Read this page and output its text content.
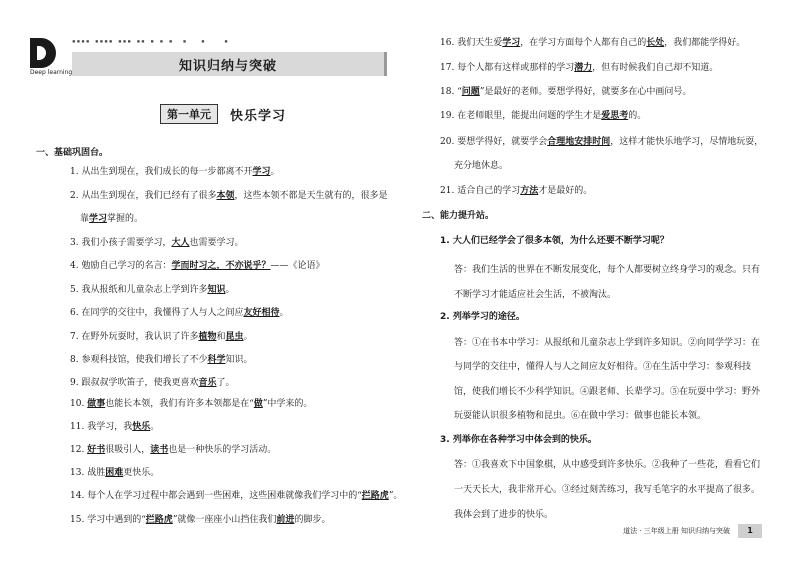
Deep learning
▪▪▪▪ ▪▪▪▪ ▪▪▪ ▪▪ ▪ ▪ ▪  ▪   ▪    ▪
知识归纳与突破
第一单元	快乐学习
一、基础巩固台。
1. 从出生到现在，我们成长的每一步都离不开学习。
2. 从出生到现在，我们已经有了很多本领，这些本领不都是天生就有的，很多是
靠学习掌握的。
3. 我们小孩子需要学习，大人也需要学习。
4. 勉励自己学习的名言：学而时习之，不亦说乎？——《论语》
5. 我从报纸和儿童杂志上学到许多知识。
6. 在同学的交往中，我懂得了人与人之间应友好相待。
7. 在野外玩耍时，我认识了许多植物和昆虫。
8. 参观科技馆，使我们增长了不少科学知识。
9. 跟叔叔学吹笛子，使我更喜欢音乐了。
10. 做事也能长本领，我们有许多本领都是在“做”中学来的。
11. 我学习，我快乐。
12. 好书很吸引人，读书也是一种快乐的学习活动。
13. 战胜困难更快乐。
14. 每个人在学习过程中都会遇到一些困难，这些困难就像我们学习中的“拦路虎”。
15. 学习中遇到的“拦路虎”就像一座座小山挡住我们前进的脚步。
16. 我们天生爱学习，在学习方面每个人都有自己的长处，我们都能学得好。
17. 每个人都有这样或那样的学习潜力，但有时候我们自己却不知道。
18. “问题”是最好的老师。要想学得好，就要多在心中画问号。
19. 在老师眼里，能提出问题的学生才是爱思考的。
20. 要想学得好，就要学会合理地安排时间，这样才能快乐地学习，尽情地玩耍，
充分地休息。
21. 适合自己的学习方法才是最好的。
二、能力提升站。
1. 大人们已经学会了很多本领，为什么还要不断学习呢？
答：我们生活的世界在不断发展变化，每个人都要树立终身学习的观念。只有
不断学习才能适应社会生活，不被淘汰。
2. 列举学习的途径。
答：①在书本中学习：从报纸和儿童杂志上学到许多知识。②向同学学习：在
与同学的交往中，懂得人与人之间应友好相待。③在生活中学习：参观科技
馆，使我们增长不少科学知识。④跟老师、长辈学习。⑤在玩耍中学习：野外
玩耍能认识很多植物和昆虫。⑥在做中学习：做事也能长本领。
3. 列举你在各种学习中体会到的快乐。
答：①我喜欢下中国象棋，从中感受到许多快乐。②我种了一些花，看看它们
一天天长大，我非常开心。③经过刻苦练习，我写毛笔字的水平提高了很多。
我体会到了进步的快乐。
道法 · 三年级上册 知识归纳与突破	1
